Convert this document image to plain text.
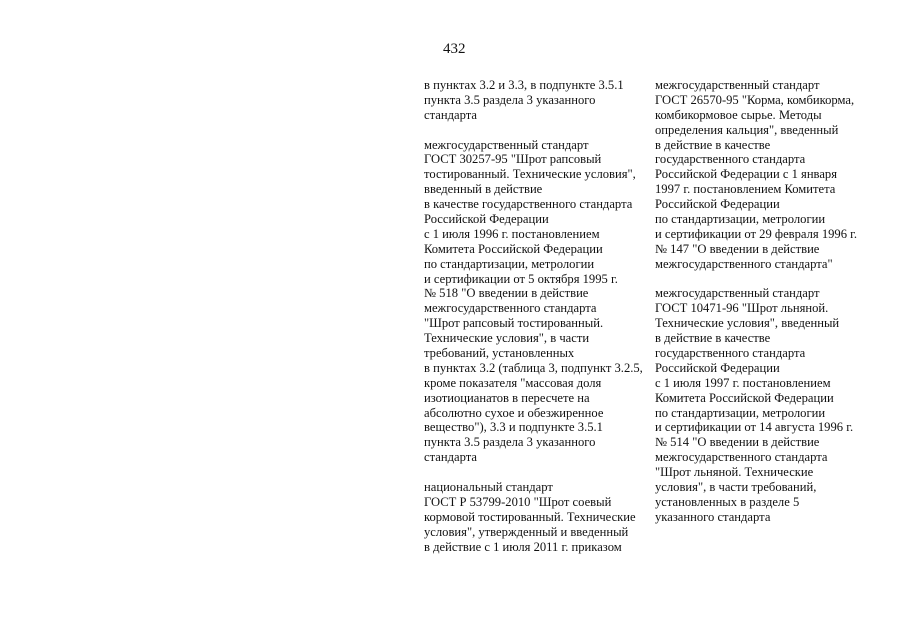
432
в пунктах 3.2 и 3.3, в подпункте 3.5.1
пункта 3.5 раздела 3 указанного
стандарта
межгосударственный стандарт
ГОСТ 30257-95 "Шрот рапсовый
тостированный. Технические условия",
введенный в действие
в качестве государственного стандарта
Российской Федерации
с 1 июля 1996 г. постановлением
Комитета Российской Федерации
по стандартизации, метрологии
и сертификации от 5 октября 1995 г.
№ 518 "О введении в действие
межгосударственного стандарта
"Шрот рапсовый тостированный.
Технические условия", в части
требований, установленных
в пунктах 3.2 (таблица 3, подпункт 3.2.5,
кроме показателя "массовая доля
изотиоцианатов в пересчете на
абсолютно сухое и обезжиренное
вещество"), 3.3 и подпункте 3.5.1
пункта 3.5 раздела 3 указанного
стандарта
национальный стандарт
ГОСТ Р 53799-2010 "Шрот соевый
кормовой тостированный. Технические
условия", утвержденный и введенный
в действие с 1 июля 2011 г. приказом
межгосударственный стандарт
ГОСТ 26570-95 "Корма, комбикорма,
комбикормовое сырье. Методы
определения кальция", введенный
в действие в качестве
государственного стандарта
Российской Федерации с 1 января
1997 г. постановлением Комитета
Российской Федерации
по стандартизации, метрологии
и сертификации от 29 февраля 1996 г.
№ 147 "О введении в действие
межгосударственного стандарта"
межгосударственный стандарт
ГОСТ 10471-96 "Шрот льняной.
Технические условия", введенный
в действие в качестве
государственного стандарта
Российской Федерации
с 1 июля 1997 г. постановлением
Комитета Российской Федерации
по стандартизации, метрологии
и сертификации от 14 августа 1996 г.
№ 514 "О введении в действие
межгосударственного стандарта
"Шрот льняной. Технические
условия", в части требований,
установленных в разделе 5
указанного стандарта
